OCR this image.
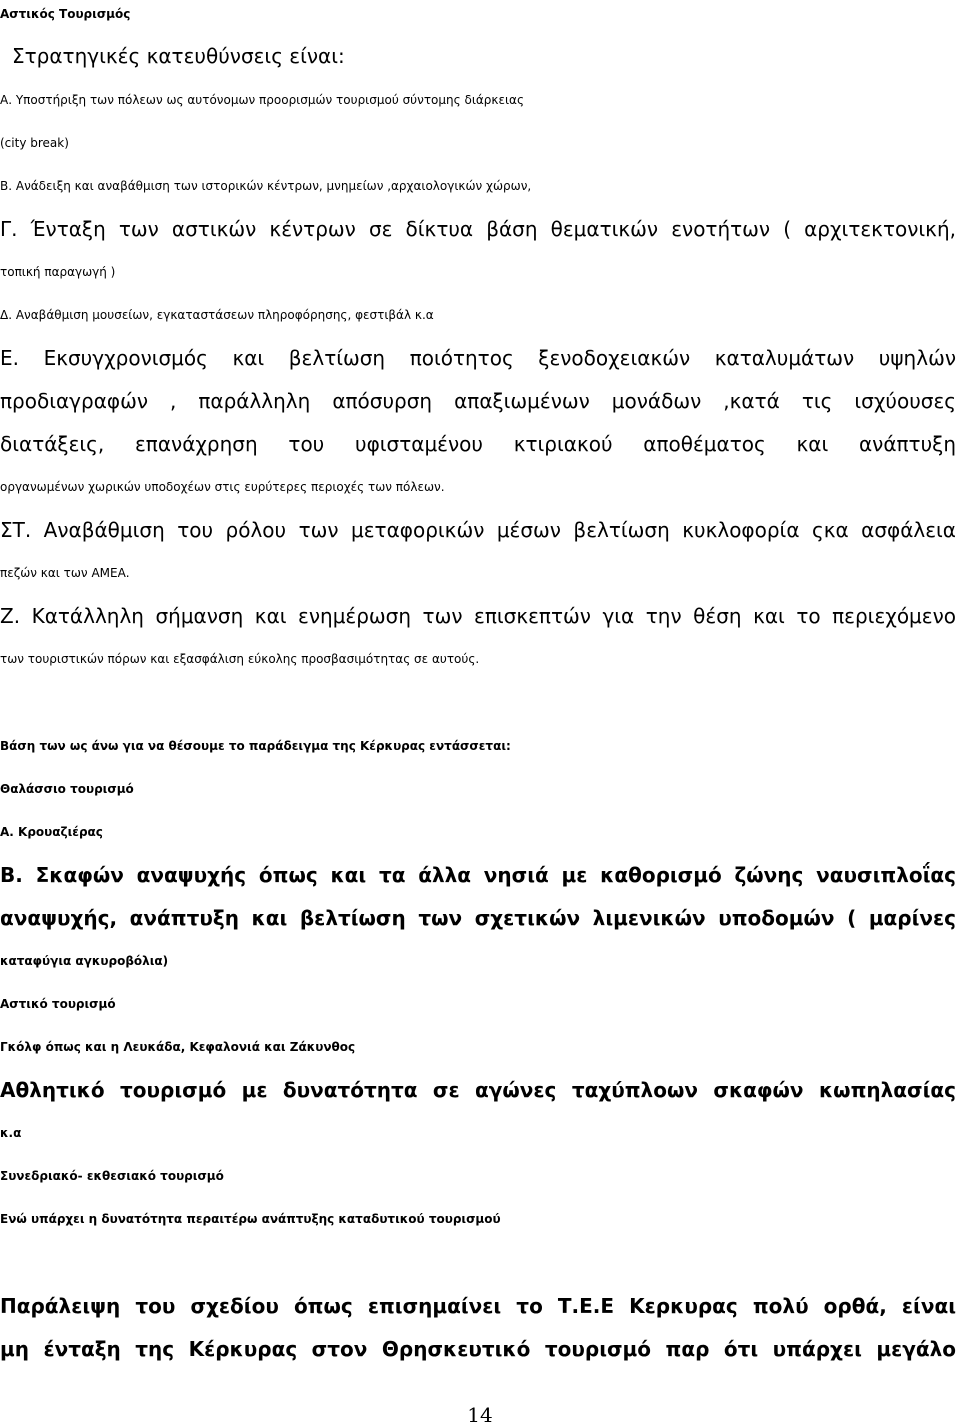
Αστικός Τουρισμός
Στρατηγικές κατευθύνσεις είναι:
Α. Υποστήριξη των πόλεων ως αυτόνομων προορισμών τουρισμού σύντομης διάρκειας
(city break)
Β. Ανάδειξη και αναβάθμιση των ιστορικών κέντρων, μνημείων ,αρχαιολογικών χώρων,
Γ. Ένταξη των αστικών κέντρων σε δίκτυα βάση θεματικών ενοτήτων ( αρχιτεκτονική,
τοπική παραγωγή )
Δ. Αναβάθμιση μουσείων, εγκαταστάσεων πληροφόρησης, φεστιβάλ κ.α
Ε. Εκσυγχρονισμός και βελτίωση ποιότητος ξενοδοχειακών καταλυμάτων υψηλών
προδιαγραφών , παράλληλη απόσυρση απαξιωμένων μονάδων ,κατά τις ισχύουσες
διατάξεις, επανάχρηση του υφισταμένου κτιριακού αποθέματος και ανάπτυξη
οργανωμένων χωρικών υποδοχέων στις ευρύτερες περιοχές των πόλεων.
ΣΤ. Αναβάθμιση του ρόλου των μεταφορικών μέσων βελτίωση κυκλοφορία ςκα ασφάλεια
πεζών και των ΑΜΕΑ.
Ζ. Κατάλληλη σήμανση και ενημέρωση των επισκεπτών για την θέση και το περιεχόμενο
των τουριστικών πόρων και εξασφάλιση εύκολης προσβασιμότητας σε αυτούς.
Βάση των ως άνω για να θέσουμε το παράδειγμα της Κέρκυρας εντάσσεται:
Θαλάσσιο τουρισμό
Α. Κρουαζιέρας
Β. Σκαφών αναψυχής όπως και τα άλλα νησιά με καθορισμό ζώνης ναυσιπλοΐας
αναψυχής, ανάπτυξη και βελτίωση των σχετικών λιμενικών υποδομών ( μαρίνες
καταφύγια αγκυροβόλια)
Αστικό τουρισμό
Γκόλφ όπως και η Λευκάδα, Κεφαλονιά και Ζάκυνθος
Αθλητικό τουρισμό με δυνατότητα σε αγώνες ταχύπλοων σκαφών κωπηλασίας
κ.α
Συνεδριακό- εκθεσιακό τουρισμό
Ενώ υπάρχει η δυνατότητα περαιτέρω ανάπτυξης καταδυτικού τουρισμού
Παράλειψη του σχεδίου όπως επισημαίνει το Τ.Ε.Ε Κερκυρας πολύ ορθά, είναι
μη ένταξη της Κέρκυρας στον Θρησκευτικό τουρισμό παρ ότι υπάρχει μεγάλο
14
